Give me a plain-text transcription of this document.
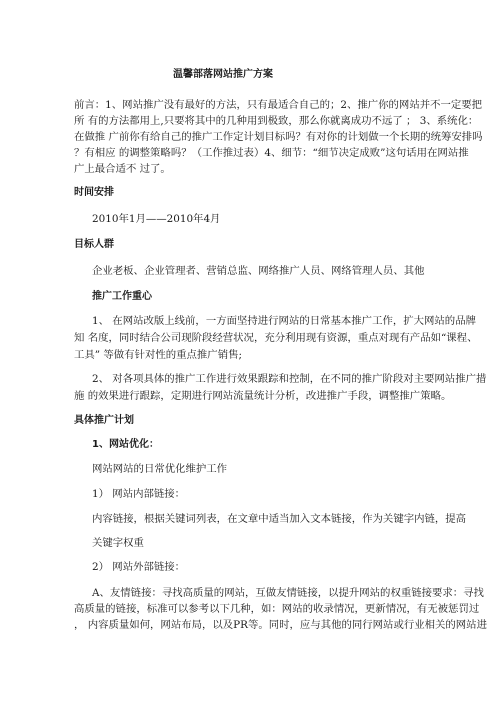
温馨部落网站推广方案
前言：1、网站推广没有最好的方法，只有最适合自己的；2、推广你的网站并不一定要把
所 有的方法都用上,只要将其中的几种用到极致，那么你就离成功不远了 ； 3、系统化：
在做推 广前你有给自己的推广工作定计划目标吗？有对你的计划做一个长期的统筹安排吗
？有相应 的调整策略吗？（工作推过表）4、细节：“细节决定成败”这句话用在网站推
广上最合适不 过了。
时间安排
2010年1月——2010年4月
目标人群
企业老板、企业管理者、营销总监、网络推广人员、网络管理人员、其他
推广工作重心
1、 在网站改版上线前，一方面坚持进行网站的日常基本推广工作，扩大网站的品牌
知 名度，同时结合公司现阶段经营状况，充分利用现有资源，重点对现有产品如“课程、
工具” 等做有针对性的重点推广销售;
2、 对各项具体的推广工作进行效果跟踪和控制，在不同的推广阶段对主要网站推广措
施 的效果进行跟踪，定期进行网站流量统计分析，改进推广手段，调整推广策略。
具体推广计划
1、网站优化：
网站网站的日常优化维护工作
1） 网站内部链接：
内容链接，根据关键词列表，在文章中适当加入文本链接，作为关键字内链，提高
关键字权重
2） 网站外部链接：
A、友情链接：寻找高质量的网站，互做友情链接，以提升网站的权重链接要求：寻找
高质量的链接，标准可以参考以下几种，如：网站的收录情况，更新情况，有无被惩罚过
， 内容质量如何，网站布局，以及PR等。同时，应与其他的同行网站或行业相关的网站进
